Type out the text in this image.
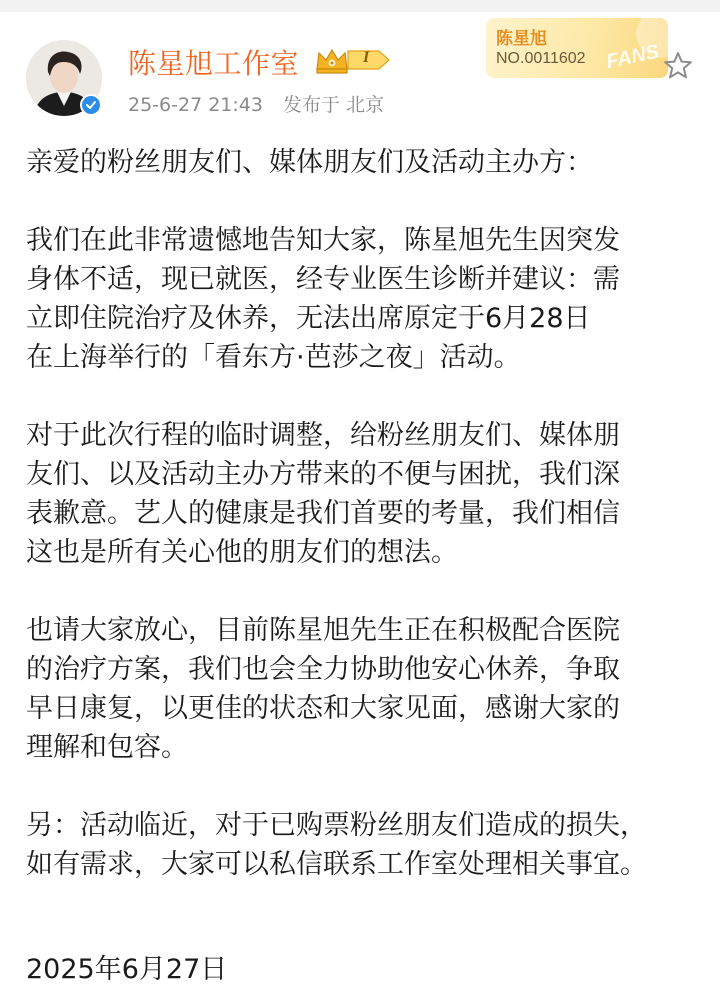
陈星旭工作室	I
25-6-27 21:43 发布于 北京
陈星旭
NO.0011602 FANS

亲爱的粉丝朋友们、媒体朋友们及活动主办方：

我们在此非常遗憾地告知大家，陈星旭先生因突发

身体不适，现已就医，经专业医生诊断并建议：需

立即住院治疗及休养，无法出席原定于6月28日

在上海举行的「看东方·芭莎之夜」活动。

对于此次行程的临时调整，给粉丝朋友们、媒体朋

友们、以及活动主办方带来的不便与困扰，我们深

表歉意。艺人的健康是我们首要的考量，我们相信

这也是所有关心他的朋友们的想法。

也请大家放心，目前陈星旭先生正在积极配合医院

的治疗方案，我们也会全力协助他安心休养，争取

早日康复，以更佳的状态和大家见面，感谢大家的

理解和包容。

另：活动临近，对于已购票粉丝朋友们造成的损失，

如有需求，大家可以私信联系工作室处理相关事宜。

2025年6月27日
